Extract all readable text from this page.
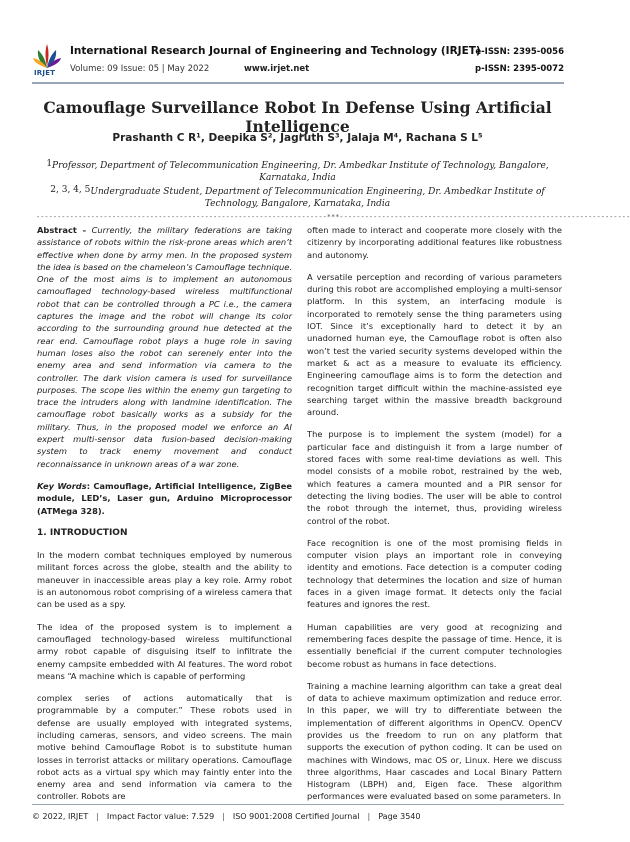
IRJET
International Research Journal of Engineering and Technology (IRJET)
Volume: 09 Issue: 05 | May 2022	www.irjet.net
e-ISSN: 2395-0056
p-ISSN: 2395-0072
Camouflage Surveillance Robot In Defense Using Artificial Intelligence
Prashanth C R¹, Deepika S², Jagruth S³, Jalaja M⁴, Rachana S L⁵
$^1$Professor, Department of Telecommunication Engineering, Dr. Ambedkar Institute of Technology, Bangalore, Karnataka, India
$^{2, 3, 4, 5}$Undergraduate Student, Department of Telecommunication Engineering, Dr. Ambedkar Institute of Technology, Bangalore, Karnataka, India
---------------------------------------------------------------------***---------------------------------------------------------------------

Abstract - Currently, the military federations are taking assistance of robots within the risk-prone areas which aren’t effective when done by army men. In the proposed system the idea is based on the chameleon’s Camouflage technique. One of the most aims is to implement an autonomous camouflaged technology-based wireless multifunctional robot that can be controlled through a PC i.e., the camera captures the image and the robot will change its color according to the surrounding ground hue detected at the rear end. Camouflage robot plays a huge role in saving human loses also the robot can serenely enter into the enemy area and send information via camera to the controller. The dark vision camera is used for surveillance purposes. The scope lies within the enemy gun targeting to trace the intruders along with landmine identification. The camouflage robot basically works as a subsidy for the military. Thus, in the proposed model we enforce an AI expert multi-sensor data fusion-based decision-making system to track enemy movement and conduct reconnaissance in unknown areas of a war zone.

Key Words: Camouflage, Artificial Intelligence, ZigBee module, LED’s, Laser gun, Arduino Microprocessor (ATMega 328).

1. INTRODUCTION

In the modern combat techniques employed by numerous militant forces across the globe, stealth and the ability to maneuver in inaccessible areas play a key role. Army robot is an autonomous robot comprising of a wireless camera that can be used as a spy.

The idea of the proposed system is to implement a camouflaged technology-based wireless multifunctional army robot capable of disguising itself to infiltrate the enemy campsite embedded with AI features. The word robot means “A machine which is capable of performing

complex series of actions automatically that is programmable by a computer.” These robots used in defense are usually employed with integrated systems, including cameras, sensors, and video screens. The main motive behind Camouflage Robot is to substitute human losses in terrorist attacks or military operations. Camouflage robot acts as a virtual spy which may faintly enter into the enemy area and send information via camera to the controller. Robots are

often made to interact and cooperate more closely with the citizenry by incorporating additional features like robustness and autonomy.

A versatile perception and recording of various parameters during this robot are accomplished employing a multi-sensor platform. In this system, an interfacing module is incorporated to remotely sense the thing parameters using IOT. Since it’s exceptionally hard to detect it by an unadorned human eye, the Camouflage robot is often also won’t test the varied security systems developed within the market & act as a measure to evaluate its efficiency. Engineering camouflage aims is to form the detection and recognition target difficult within the machine-assisted eye searching target within the massive breadth background around.

The purpose is to implement the system (model) for a particular face and distinguish it from a large number of stored faces with some real-time deviations as well. This model consists of a mobile robot, restrained by the web, which features a camera mounted and a PIR sensor for detecting the living bodies. The user will be able to control the robot through the internet, thus, providing wireless control of the robot.

Face recognition is one of the most promising fields in computer vision plays an important role in conveying identity and emotions. Face detection is a computer coding technology that determines the location and size of human faces in a given image format. It detects only the facial features and ignores the rest.

Human capabilities are very good at recognizing and remembering faces despite the passage of time. Hence, it is essentially beneficial if the current computer technologies become robust as humans in face detections.

Training a machine learning algorithm can take a great deal of data to achieve maximum optimization and reduce error. In this paper, we will try to differentiate between the implementation of different algorithms in OpenCV. OpenCV provides us the freedom to run on any platform that supports the execution of python coding. It can be used on machines with Windows, mac OS or, Linux. Here we discuss three algorithms, Haar cascades and Local Binary Pattern Histogram (LBPH) and, Eigen face. These algorithm performances were evaluated based on some parameters. In

© 2022, IRJET | Impact Factor value: 7.529 | ISO 9001:2008 Certified Journal | Page 3540
